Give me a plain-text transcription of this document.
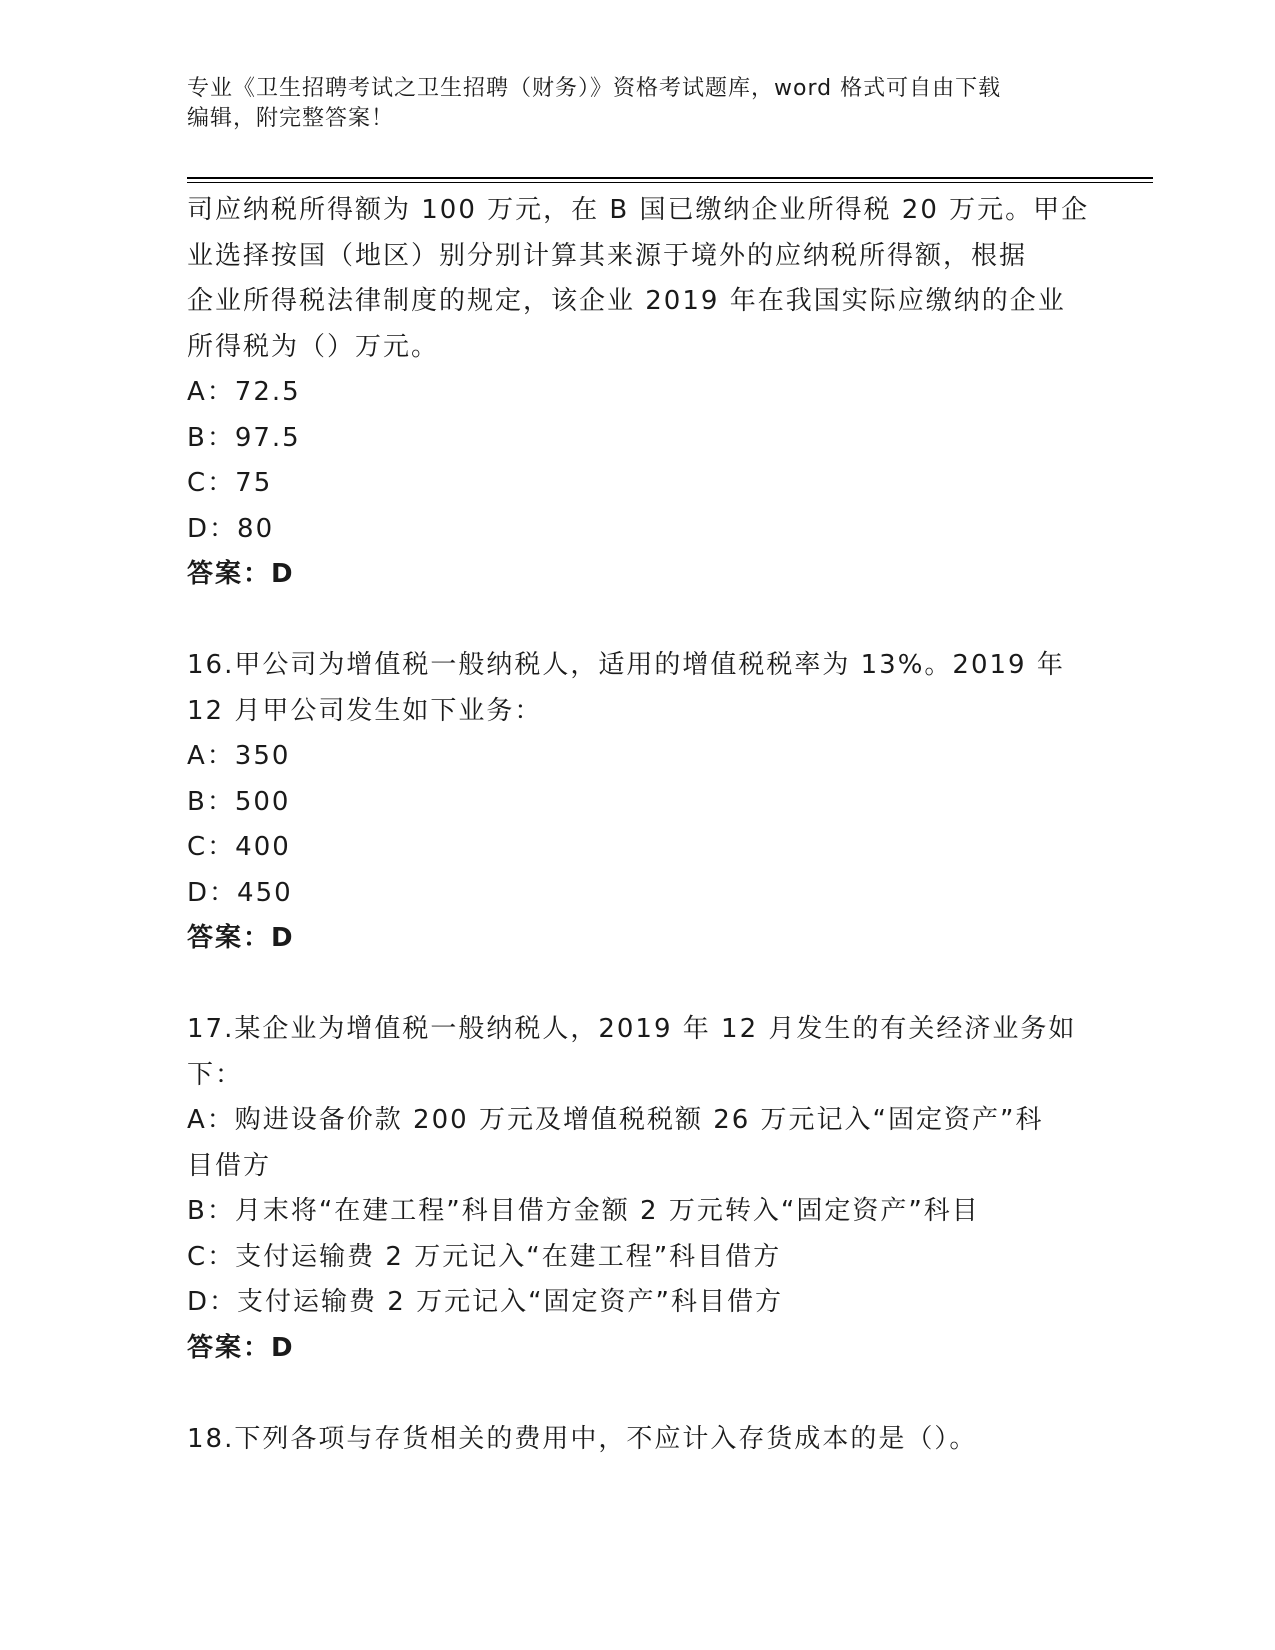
专业《卫生招聘考试之卫生招聘（财务）》资格考试题库，word 格式可自由下载
编辑，附完整答案！
司应纳税所得额为 100 万元，在 B 国已缴纳企业所得税 20 万元。甲企
业选择按国（地区）别分别计算其来源于境外的应纳税所得额，根据
企业所得税法律制度的规定，该企业 2019 年在我国实际应缴纳的企业
所得税为（）万元。
A：72.5
B：97.5
C：75
D：80
答案：D
16.甲公司为增值税一般纳税人，适用的增值税税率为 13%。2019 年
12 月甲公司发生如下业务：
A：350
B：500
C：400
D：450
答案：D
17.某企业为增值税一般纳税人，2019 年 12 月发生的有关经济业务如
下：
A：购进设备价款 200 万元及增值税税额 26 万元记入“固定资产”科
目借方
B：月末将“在建工程”科目借方金额 2 万元转入“固定资产”科目
C：支付运输费 2 万元记入“在建工程”科目借方
D：支付运输费 2 万元记入“固定资产”科目借方
答案：D
18.下列各项与存货相关的费用中，不应计入存货成本的是（）。
